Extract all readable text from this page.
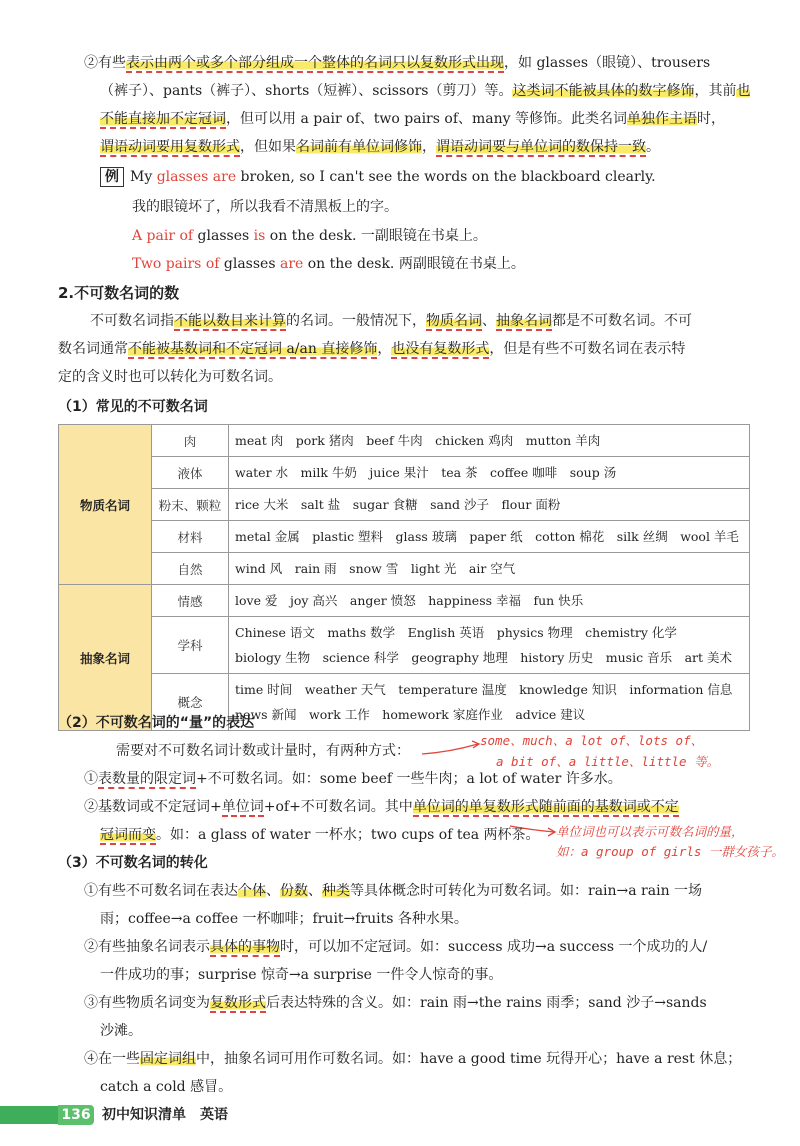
②有些表示由两个或多个部分组成一个整体的名词只以复数形式出现，如 glasses（眼镜）、trousers
（裤子）、pants（裤子）、shorts（短裤）、scissors（剪刀）等。这类词不能被具体的数字修饰，其前也
不能直接加不定冠词，但可以用 a pair of、two pairs of、many 等修饰。此类名词单独作主语时，
谓语动词要用复数形式，但如果名词前有单位词修饰，谓语动词要与单位词的数保持一致。
例 My glasses are broken, so I can't see the words on the blackboard clearly.
我的眼镜坏了，所以我看不清黑板上的字。
A pair of glasses is on the desk. 一副眼镜在书桌上。
Two pairs of glasses are on the desk. 两副眼镜在书桌上。
2.不可数名词的数
不可数名词指不能以数目来计算的名词。一般情况下，物质名词、抽象名词都是不可数名词。不可
数名词通常不能被基数词和不定冠词 a/an 直接修饰，也没有复数形式，但是有些不可数名词在表示特
定的含义时也可以转化为可数名词。
（1）常见的不可数名词
物质名词	肉	meat 肉　pork 猪肉　beef 牛肉　chicken 鸡肉　mutton 羊肉
	液体	water 水　milk 牛奶　juice 果汁　tea 茶　coffee 咖啡　soup 汤
	粉末、颗粒	rice 大米　salt 盐　sugar 食糖　sand 沙子　flour 面粉
	材料	metal 金属　plastic 塑料　glass 玻璃　paper 纸　cotton 棉花　silk 丝绸　wool 羊毛
	自然	wind 风　rain 雨　snow 雪　light 光　air 空气
抽象名词	情感	love 爱　joy 高兴　anger 愤怒　happiness 幸福　fun 快乐
	学科	Chinese 语文　maths 数学　English 英语　physics 物理　chemistry 化学
biology 生物　science 科学　geography 地理　history 历史　music 音乐　art 美术

	概念	time 时间　weather 天气　temperature 温度　knowledge 知识　information 信息
news 新闻　work 工作　homework 家庭作业　advice 建议
（2）不可数名词的“量”的表达
需要对不可数名词计数或计量时，有两种方式：
some、much、a lot of、lots of、
a bit of、a little、little 等。
①表数量的限定词+不可数名词。如：some beef 一些牛肉；a lot of water 许多水。
②基数词或不定冠词+单位词+of+不可数名词。其中单位词的单复数形式随前面的基数词或不定
冠词而变。如：a glass of water 一杯水；two cups of tea 两杯茶。 单位词也可以表示可数名词的量，
如：a group of girls 一群女孩子。
（3）不可数名词的转化
①有些不可数名词在表达个体、份数、种类等具体概念时可转化为可数名词。如：rain→a rain 一场
雨；coffee→a coffee 一杯咖啡；fruit→fruits 各种水果。
②有些抽象名词表示具体的事物时，可以加不定冠词。如：success 成功→a success 一个成功的人/
一件成功的事；surprise 惊奇→a surprise 一件令人惊奇的事。
③有些物质名词变为复数形式后表达特殊的含义。如：rain 雨→the rains 雨季；sand 沙子→sands
沙滩。
④在一些固定词组中，抽象名词可用作可数名词。如：have a good time 玩得开心；have a rest 休息；
catch a cold 感冒。
136 初中知识清单　英语
